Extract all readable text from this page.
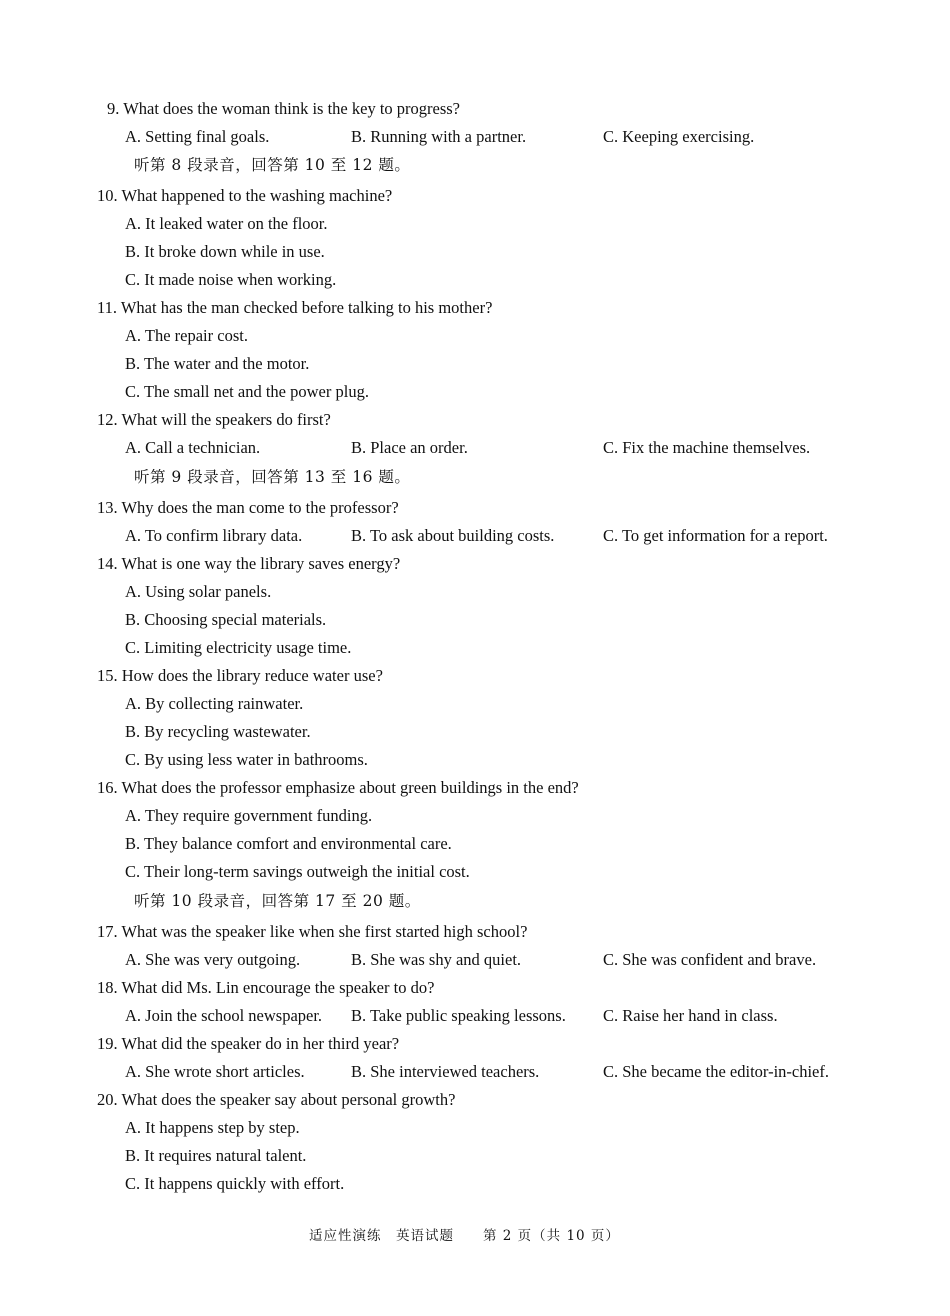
9. What does the woman think is the key to progress?
A. Setting final goals.	B. Running with a partner.	C. Keeping exercising.
听第 8 段录音，回答第 10 至 12 题。
10. What happened to the washing machine?
A. It leaked water on the floor.
B. It broke down while in use.
C. It made noise when working.
11. What has the man checked before talking to his mother?
A. The repair cost.
B. The water and the motor.
C. The small net and the power plug.
12. What will the speakers do first?
A. Call a technician.	B. Place an order.	C. Fix the machine themselves.
听第 9 段录音，回答第 13 至 16 题。
13. Why does the man come to the professor?
A. To confirm library data.	B. To ask about building costs.	C. To get information for a report.
14. What is one way the library saves energy?
A. Using solar panels.
B. Choosing special materials.
C. Limiting electricity usage time.
15. How does the library reduce water use?
A. By collecting rainwater.
B. By recycling wastewater.
C. By using less water in bathrooms.
16. What does the professor emphasize about green buildings in the end?
A. They require government funding.
B. They balance comfort and environmental care.
C. Their long-term savings outweigh the initial cost.
听第 10 段录音，回答第 17 至 20 题。
17. What was the speaker like when she first started high school?
A. She was very outgoing.	B. She was shy and quiet.	C. She was confident and brave.
18. What did Ms. Lin encourage the speaker to do?
A. Join the school newspaper. B. Take public speaking lessons. C. Raise her hand in class.
19. What did the speaker do in her third year?
A. She wrote short articles.	B. She interviewed teachers.	C. She became the editor-in-chief.
20. What does the speaker say about personal growth?
A. It happens step by step.
B. It requires natural talent.
C. It happens quickly with effort.
适应性演练　英语试题　　第 2 页（共 10 页）
